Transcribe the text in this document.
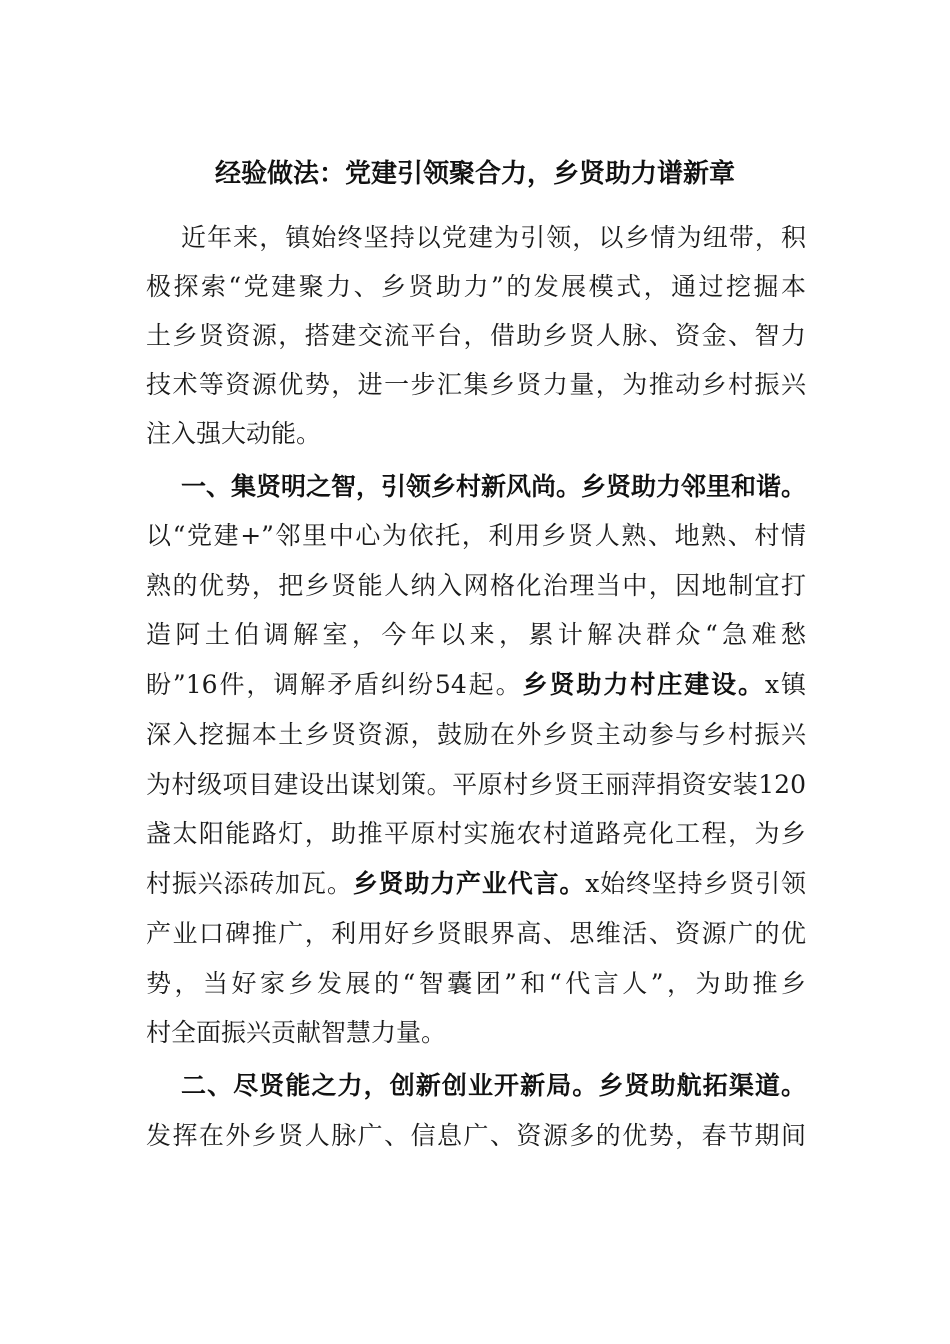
经验做法：党建引领聚合力，乡贤助力谱新章
近年来，镇始终坚持以党建为引领，以乡情为纽带，积
极探索“党建聚力、乡贤助力”的发展模式，通过挖掘本
土乡贤资源，搭建交流平台，借助乡贤人脉、资金、智力
技术等资源优势，进一步汇集乡贤力量，为推动乡村振兴
注入强大动能。
一、集贤明之智，引领乡村新风尚。乡贤助力邻里和谐。
以“党建+”邻里中心为依托，利用乡贤人熟、地熟、村情
熟的优势，把乡贤能人纳入网格化治理当中，因地制宜打
造阿土伯调解室，今年以来，累计解决群众“急难愁
盼”16件，调解矛盾纠纷54起。乡贤助力村庄建设。x镇
深入挖掘本土乡贤资源，鼓励在外乡贤主动参与乡村振兴
为村级项目建设出谋划策。平原村乡贤王丽萍捐资安装120
盏太阳能路灯，助推平原村实施农村道路亮化工程，为乡
村振兴添砖加瓦。乡贤助力产业代言。x始终坚持乡贤引领
产业口碑推广，利用好乡贤眼界高、思维活、资源广的优
势，当好家乡发展的“智囊团”和“代言人”，为助推乡
村全面振兴贡献智慧力量。
二、尽贤能之力，创新创业开新局。乡贤助航拓渠道。
发挥在外乡贤人脉广、信息广、资源多的优势，春节期间
